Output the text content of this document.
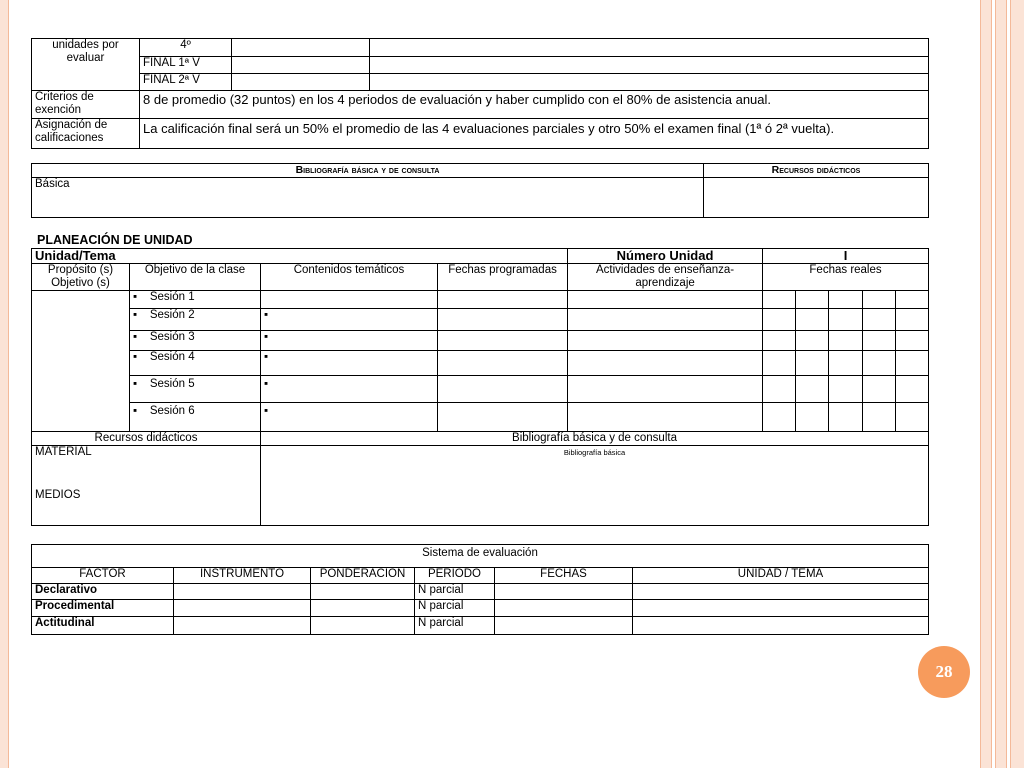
unidades por evaluar	4º		
	FINAL 1ª V		
	FINAL 2ª V		
Criterios de exención	8 de promedio (32 puntos) en los 4 periodos de evaluación y haber cumplido con el 80% de asistencia anual.		
Asignación de calificaciones	La calificación final será un 50% el promedio de las 4 evaluaciones parciales y otro 50% el examen final (1ª ó 2ª vuelta).		
Bibliografía básica y de consulta	Recursos didácticos
Básica	
PLANEACIÓN DE UNIDAD
Unidad/Tema				Número Unidad	I				
Propósito (s) Objetivo (s)	Objetivo de la clase	Contenidos temáticos	Fechas programadas	Actividades de enseñanza-aprendizaje	Fechas reales				
	▪ Sesión 1								
	▪ Sesión 2	▪							
	▪ Sesión 3	▪							
	▪ Sesión 4	▪							
	▪ Sesión 5	▪							
	▪ Sesión 6	▪							
Recursos didácticos		Bibliografía básica y de consulta							

MATERIAL
MEDIOS		Bibliografía básica							
Sistema de evaluación					
FACTOR	INSTRUMENTO	PONDERACION	PERIODO	FECHAS	UNIDAD / TEMA
Declarativo			N parcial		
Procedimental			N parcial		
Actitudinal			N parcial		
28
